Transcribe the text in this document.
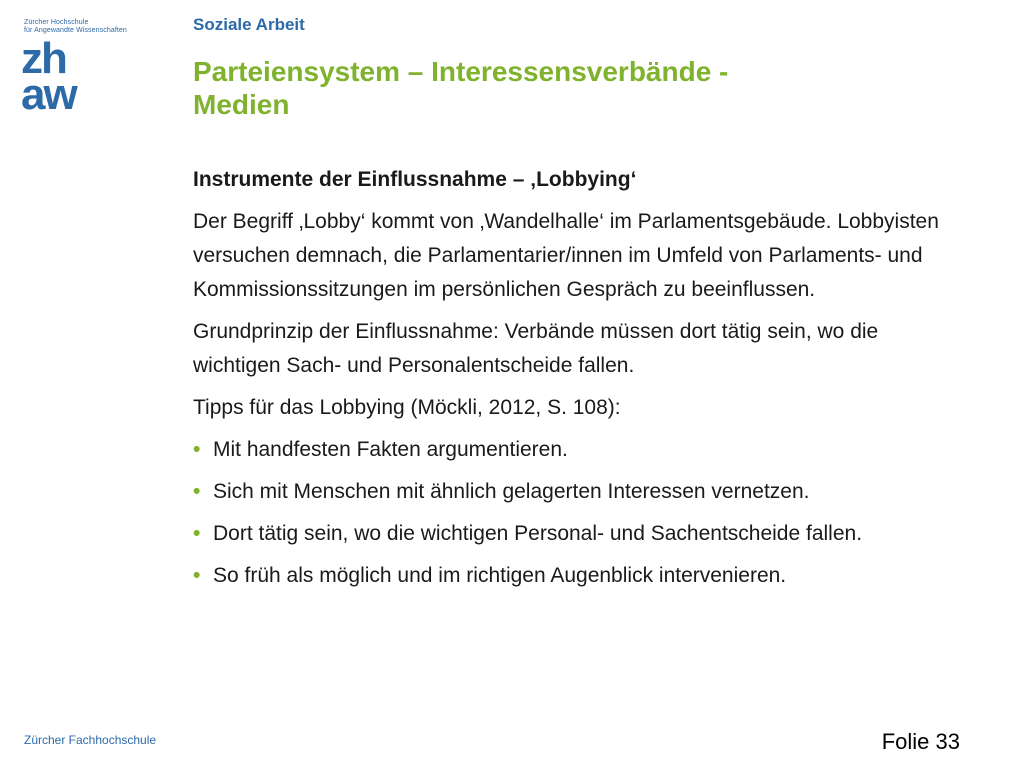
Zürcher Hochschule
für Angewandte Wissenschaften
zh
aw
Soziale Arbeit
Parteiensystem – Interessensverbände -
Medien
Instrumente der Einflussnahme – ‚Lobbying‘
Der Begriff ‚Lobby‘ kommt von ‚Wandelhalle‘ im Parlamentsgebäude. Lobbyisten versuchen demnach, die Parlamentarier/innen im Umfeld von Parlaments- und Kommissionssitzungen im persönlichen Gespräch zu beeinflussen.
Grundprinzip der Einflussnahme: Verbände müssen dort tätig sein, wo die wichtigen Sach- und Personalentscheide fallen.
Tipps für das Lobbying (Möckli, 2012, S. 108):
• Mit handfesten Fakten argumentieren.
• Sich mit Menschen mit ähnlich gelagerten Interessen vernetzen.
• Dort tätig sein, wo die wichtigen Personal- und Sachentscheide fallen.
• So früh als möglich und im richtigen Augenblick intervenieren.
Zürcher Fachhochschule	Folie 33
